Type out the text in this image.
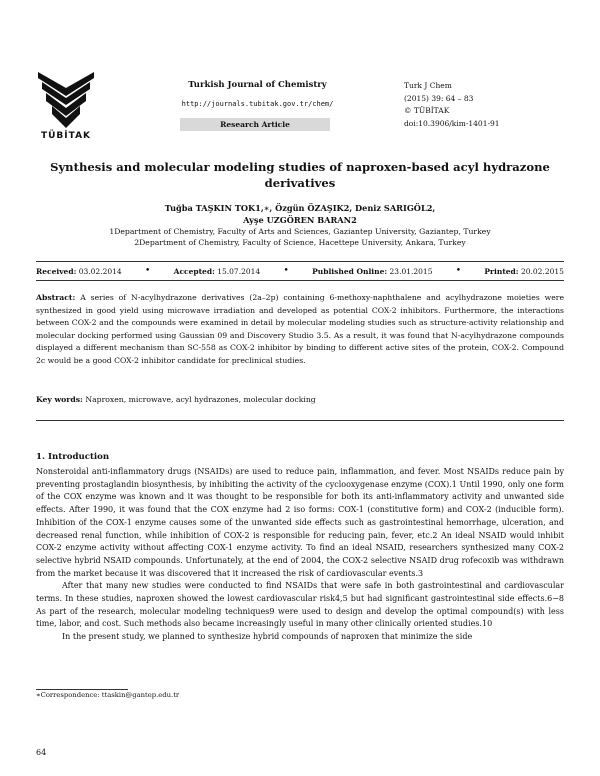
TÜBİTAK
Turkish Journal of Chemistry
http://journals.tubitak.gov.tr/chem/
Research Article
Turk J Chem
(2015) 39: 64 – 83
© TÜBİTAK
doi:10.3906/kim-1401-91
Synthesis and molecular modeling studies of naproxen-based acyl hydrazone derivatives
Tuğba TAŞKIN TOK1,∗, Özgün ÖZAŞIK2, Deniz SARIGÖL2,
Ayşe UZGÖREN BARAN2
1Department of Chemistry, Faculty of Arts and Sciences, Gaziantep University, Gaziantep, Turkey
2Department of Chemistry, Faculty of Science, Hacettepe University, Ankara, Turkey
Received: 03.02.2014	•	Accepted: 15.07.2014	•	Published Online: 23.01.2015	•	Printed: 20.02.2015
Abstract: A series of N-acylhydrazone derivatives (2a–2p) containing 6-methoxy-naphthalene and acylhydrazone moieties were synthesized in good yield using microwave irradiation and developed as potential COX-2 inhibitors. Furthermore, the interactions between COX-2 and the compounds were examined in detail by molecular modeling studies such as structure-activity relationship and molecular docking performed using Gaussian 09 and Discovery Studio 3.5. As a result, it was found that N-acylhydrazone compounds displayed a different mechanism than SC-558 as COX-2 inhibitor by binding to different active sites of the protein, COX-2. Compound 2c would be a good COX-2 inhibitor candidate for preclinical studies.
Key words: Naproxen, microwave, acyl hydrazones, molecular docking
1. Introduction

Nonsteroidal anti-inflammatory drugs (NSAIDs) are used to reduce pain, inflammation, and fever. Most NSAIDs reduce pain by preventing prostaglandin biosynthesis, by inhibiting the activity of the cyclooxygenase enzyme (COX).1 Until 1990, only one form of the COX enzyme was known and it was thought to be responsible for both its anti-inflammatory activity and unwanted side effects. After 1990, it was found that the COX enzyme had 2 iso forms: COX-1 (constitutive form) and COX-2 (inducible form). Inhibition of the COX-1 enzyme causes some of the unwanted side effects such as gastrointestinal hemorrhage, ulceration, and decreased renal function, while inhibition of COX-2 is responsible for reducing pain, fever, etc.2 An ideal NSAID would inhibit COX-2 enzyme activity without affecting COX-1 enzyme activity. To find an ideal NSAID, researchers synthesized many COX-2 selective hybrid NSAID compounds. Unfortunately, at the end of 2004, the COX-2 selective NSAID drug rofecoxib was withdrawn from the market because it was discovered that it increased the risk of cardiovascular events.3

After that many new studies were conducted to find NSAIDs that were safe in both gastrointestinal and cardiovascular terms. In these studies, naproxen showed the lowest cardiovascular risk4,5 but had significant gastrointestinal side effects.6−8 As part of the research, molecular modeling techniques9 were used to design and develop the optimal compound(s) with less time, labor, and cost. Such methods also became increasingly useful in many other clinically oriented studies.10

In the present study, we planned to synthesize hybrid compounds of naproxen that minimize the side

∗Correspondence: ttaskin@gantep.edu.tr
64
